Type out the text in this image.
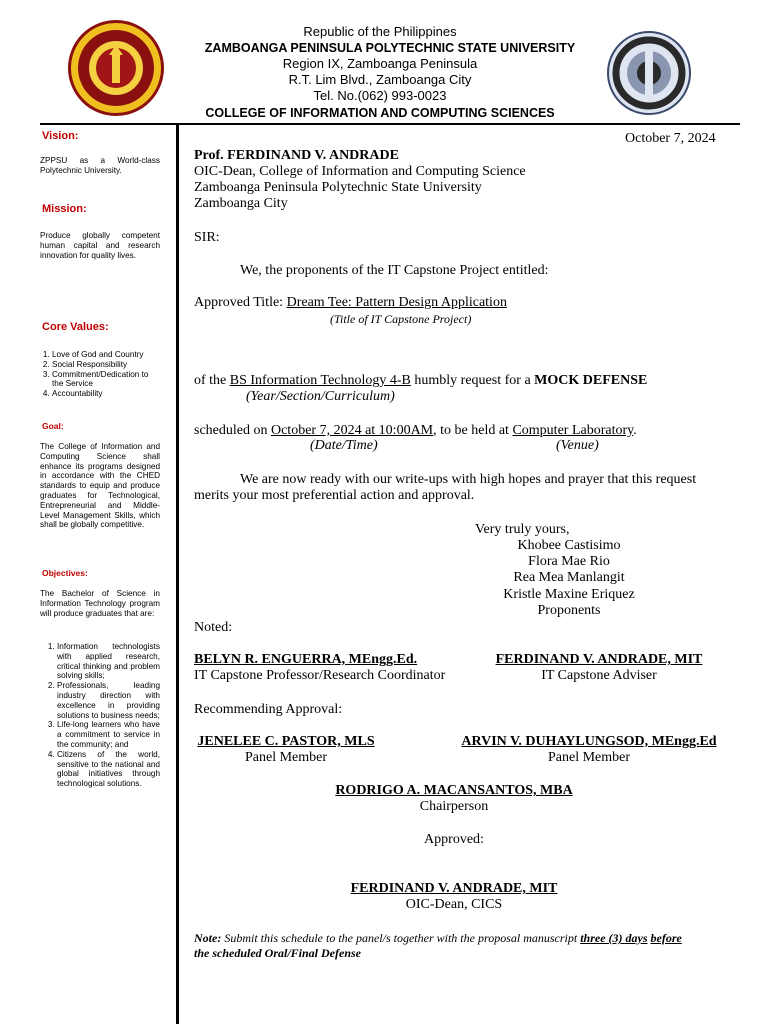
Republic of the Philippines
ZAMBOANGA PENINSULA POLYTECHNIC STATE UNIVERSITY
Region IX, Zamboanga Peninsula
R.T. Lim Blvd., Zamboanga City
Tel. No.(062) 993-0023
COLLEGE OF INFORMATION AND COMPUTING SCIENCES
Vision:
ZPPSU as a World-class Polytechnic University.
Mission:
Produce globally competent human capital and research innovation for quality lives.
Core Values:
1. Love of God and Country
2. Social Responsibility
3. Commitment/Dedication to the Service
4. Accountability
Goal:
The College of Information and Computing Science shall enhance its programs designed in accordance with the CHED standards to equip and produce graduates for Technological, Entrepreneurial and Middle-Level Management Skills, which shall be globally competitive.
Objectives:
The Bachelor of Science in Information Technology program will produce graduates that are:
1. Information technologists with applied research, critical thinking and problem solving skills;
2. Professionals, leading industry direction with excellence in providing solutions to business needs;
3. Life-long learners who have a commitment to service in the community; and
4. Citizens of the world, sensitive to the national and global initiatives through technological solutions.
October 7, 2024
Prof. FERDINAND V. ANDRADE
OIC-Dean, College of Information and Computing Science
Zamboanga Peninsula Polytechnic State University
Zamboanga City
SIR:
We, the proponents of the IT Capstone Project entitled:
Approved Title: Dream Tee: Pattern Design Application
(Title of IT Capstone Project)
of the BS Information Technology 4-B humbly request for a MOCK DEFENSE
(Year/Section/Curriculum)
scheduled on October 7, 2024 at 10:00AM, to be held at Computer Laboratory.
(Date/Time)	(Venue)
We are now ready with our write-ups with high hopes and prayer that this request
merits your most preferential action and approval.
Very truly yours,
Khobee Castisimo
Flora Mae Rio
Rea Mea Manlangit
Kristle Maxine Eriquez
Proponents
Noted:
BELYN R. ENGUERRA, MEngg.Ed.
IT Capstone Professor/Research Coordinator
FERDINAND V. ANDRADE, MIT
IT Capstone Adviser
Recommending Approval:
JENELEE C. PASTOR, MLS
Panel Member
ARVIN V. DUHAYLUNGSOD, MEngg.Ed
Panel Member
RODRIGO A. MACANSANTOS, MBA
Chairperson
Approved:
FERDINAND V. ANDRADE, MIT
OIC-Dean, CICS
Note: Submit this schedule to the panel/s together with the proposal manuscript three (3) days before
the scheduled Oral/Final Defense
